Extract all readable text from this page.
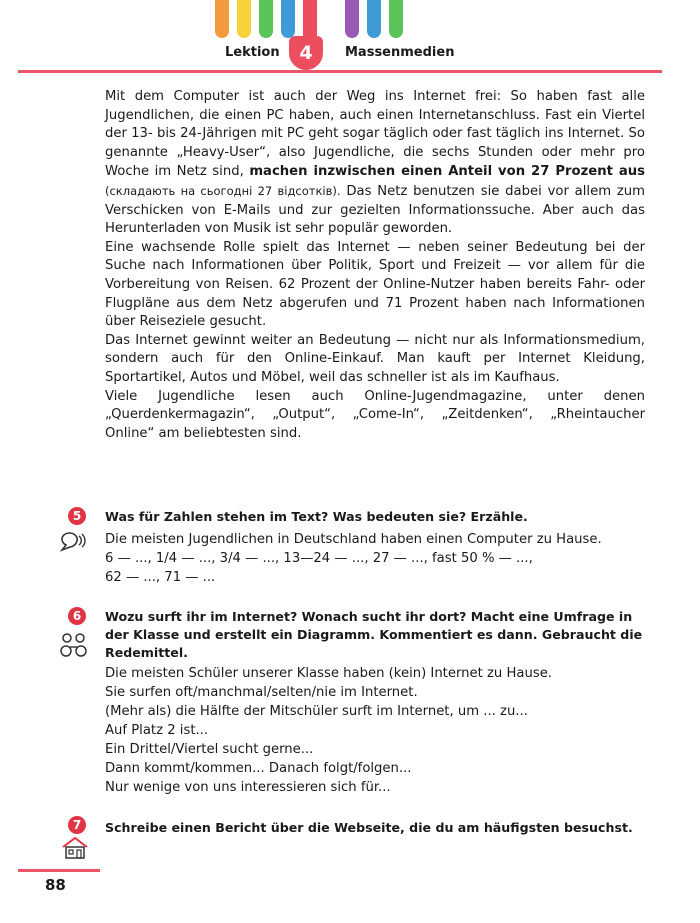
Lektion	4	Massenmedien

Mit dem Computer ist auch der Weg ins Internet frei: So haben fast alle Jugendlichen, die einen PC haben, auch einen Internetanschluss. Fast ein Viertel der 13- bis 24-Jährigen mit PC geht sogar täglich oder fast täglich ins Internet. So genannte „Heavy-User“, also Jugendliche, die sechs Stunden oder mehr pro Woche im Netz sind, machen inzwischen einen Anteil von 27 Prozent aus (складають на сьогодні 27 відсотків). Das Netz benutzen sie dabei vor allem zum Verschicken von E-Mails und zur gezielten Informationssuche. Aber auch das Herunterladen von Musik ist sehr populär geworden.

Eine wachsende Rolle spielt das Internet — neben seiner Bedeutung bei der Suche nach Informationen über Politik, Sport und Freizeit — vor allem für die Vorbereitung von Reisen. 62 Prozent der Online-Nutzer haben bereits Fahr- oder Flugpläne aus dem Netz abgerufen und 71 Prozent haben nach Informationen über Reiseziele gesucht.

Das Internet gewinnt weiter an Bedeutung — nicht nur als Informationsmedium, sondern auch für den Online-Einkauf. Man kauft per Internet Kleidung, Sportartikel, Autos und Möbel, weil das schneller ist als im Kaufhaus.

Viele Jugendliche lesen auch Online-Jugendmagazine, unter denen „Querdenkermagazin“, „Output“, „Come-In“, „Zeitdenken“, „Rheintaucher Online“ am beliebtesten sind.

5	Was für Zahlen stehen im Text? Was bedeuten sie? Erzähle.

Die meisten Jugendlichen in Deutschland haben einen Computer zu Hause.

6 — ..., 1/4 — ..., 3/4 — ..., 13—24 — ..., 27 — ..., fast 50 % — ...,

62 — ..., 71 — ...

6	Wozu surft ihr im Internet? Wonach sucht ihr dort? Macht eine Umfrage in der Klasse und erstellt ein Diagramm. Kommentiert es dann. Gebraucht die Redemittel.

Die meisten Schüler unserer Klasse haben (kein) Internet zu Hause.

Sie surfen oft/manchmal/selten/nie im Internet.

(Mehr als) die Hälfte der Mitschüler surft im Internet, um ... zu...

Auf Platz 2 ist...

Ein Drittel/Viertel sucht gerne...

Dann kommt/kommen... Danach folgt/folgen...

Nur wenige von uns interessieren sich für...

7	Schreibe einen Bericht über die Webseite, die du am häufigsten besuchst.
88
